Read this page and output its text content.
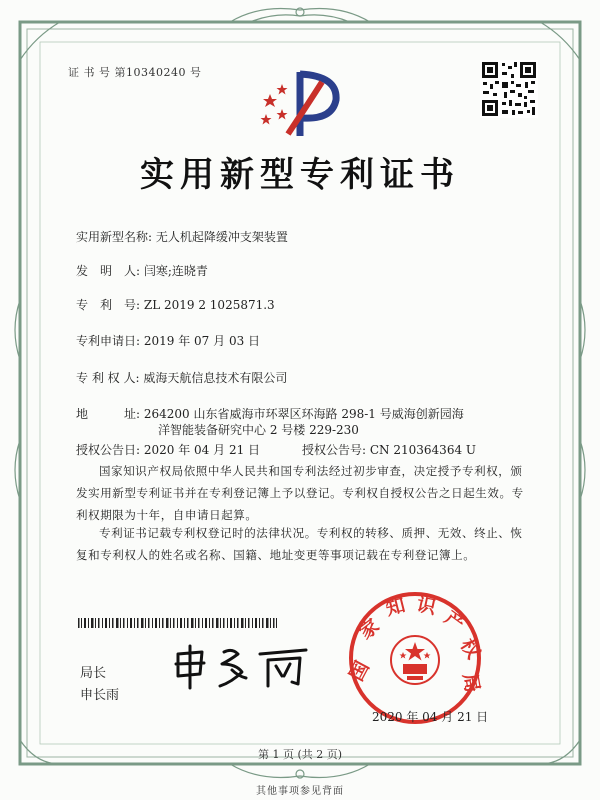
证 书 号 第10340240 号
实用新型专利证书
实用新型名称: 无人机起降缓冲支架装置
发　明　人: 闫寒;连晓青
专　利　号: ZL 2019 2 1025871.3
专利申请日: 2019 年 07 月 03 日
专 利 权 人: 威海天航信息技术有限公司
地　　　址: 264200 山东省威海市环翠区环海路 298-1 号威海创新园海
洋智能装备研究中心 2 号楼 229-230
授权公告日: 2020 年 04 月 21 日	授权公告号: CN 210364364 U
国家知识产权局依照中华人民共和国专利法经过初步审查，决定授予专利权，颁发实用新型专利证书并在专利登记簿上予以登记。专利权自授权公告之日起生效。专利权期限为十年，自申请日起算。
专利证书记载专利权登记时的法律状况。专利权的转移、质押、无效、终止、恢复和专利权人的姓名或名称、国籍、地址变更等事项记载在专利登记簿上。
局长
申长雨
国
家
知 识
产
权
局
2020 年 04 月 21 日
第 1 页 (共 2 页)
其他事项参见背面
